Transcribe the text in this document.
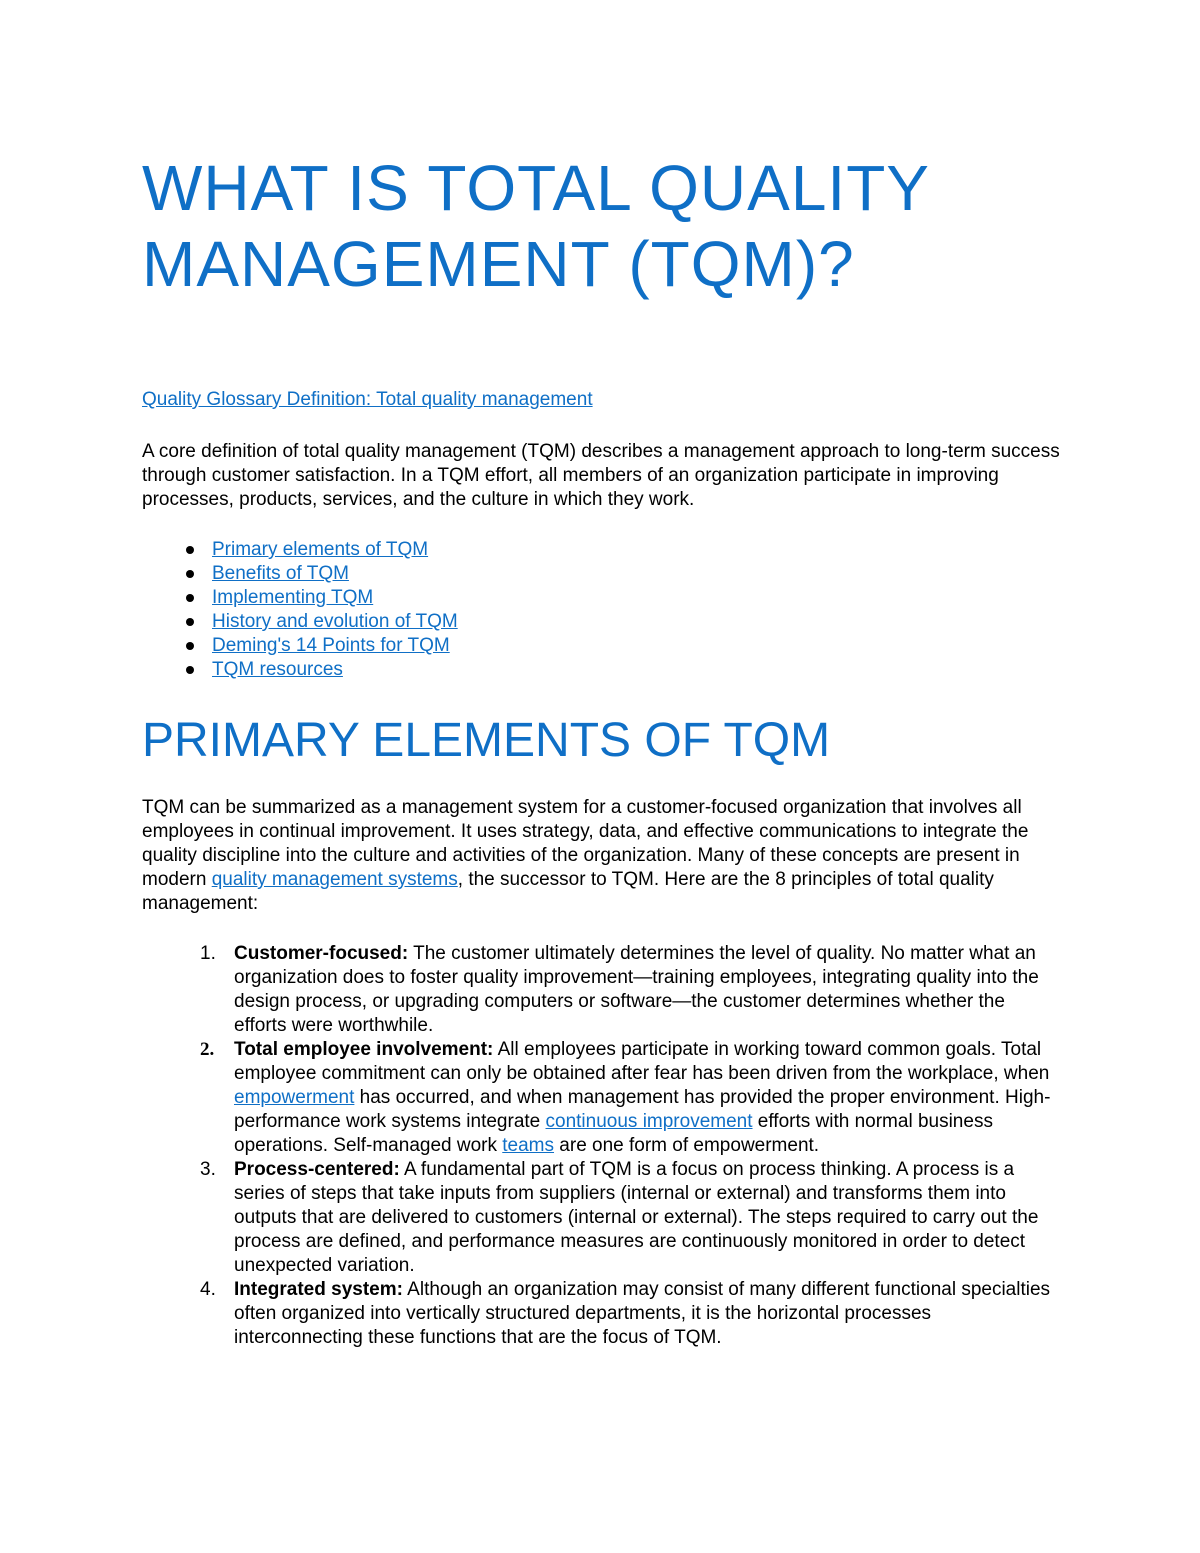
WHAT IS TOTAL QUALITY
MANAGEMENT (TQM)?
Quality Glossary Definition: Total quality management

A core definition of total quality management (TQM) describes a management approach to long-term success through customer satisfaction. In a TQM effort, all members of an organization participate in improving processes, products, services, and the culture in which they work.

Primary elements of TQM
Benefits of TQM
Implementing TQM
History and evolution of TQM
Deming's 14 Points for TQM
TQM resources
PRIMARY ELEMENTS OF TQM

TQM can be summarized as a management system for a customer-focused organization that involves all employees in continual improvement. It uses strategy, data, and effective communications to integrate the quality discipline into the culture and activities of the organization. Many of these concepts are present in modern quality management systems, the successor to TQM. Here are the 8 principles of total quality management:

1. Customer-focused: The customer ultimately determines the level of quality. No matter what an organization does to foster quality improvement—training employees, integrating quality into the design process, or upgrading computers or software—the customer determines whether the efforts were worthwhile.
2. Total employee involvement: All employees participate in working toward common goals. Total employee commitment can only be obtained after fear has been driven from the workplace, when empowerment has occurred, and when management has provided the proper environment. High-performance work systems integrate continuous improvement efforts with normal business operations. Self-managed work teams are one form of empowerment.
3. Process-centered: A fundamental part of TQM is a focus on process thinking. A process is a series of steps that take inputs from suppliers (internal or external) and transforms them into outputs that are delivered to customers (internal or external). The steps required to carry out the process are defined, and performance measures are continuously monitored in order to detect unexpected variation.
4. Integrated system: Although an organization may consist of many different functional specialties often organized into vertically structured departments, it is the horizontal processes interconnecting these functions that are the focus of TQM.
